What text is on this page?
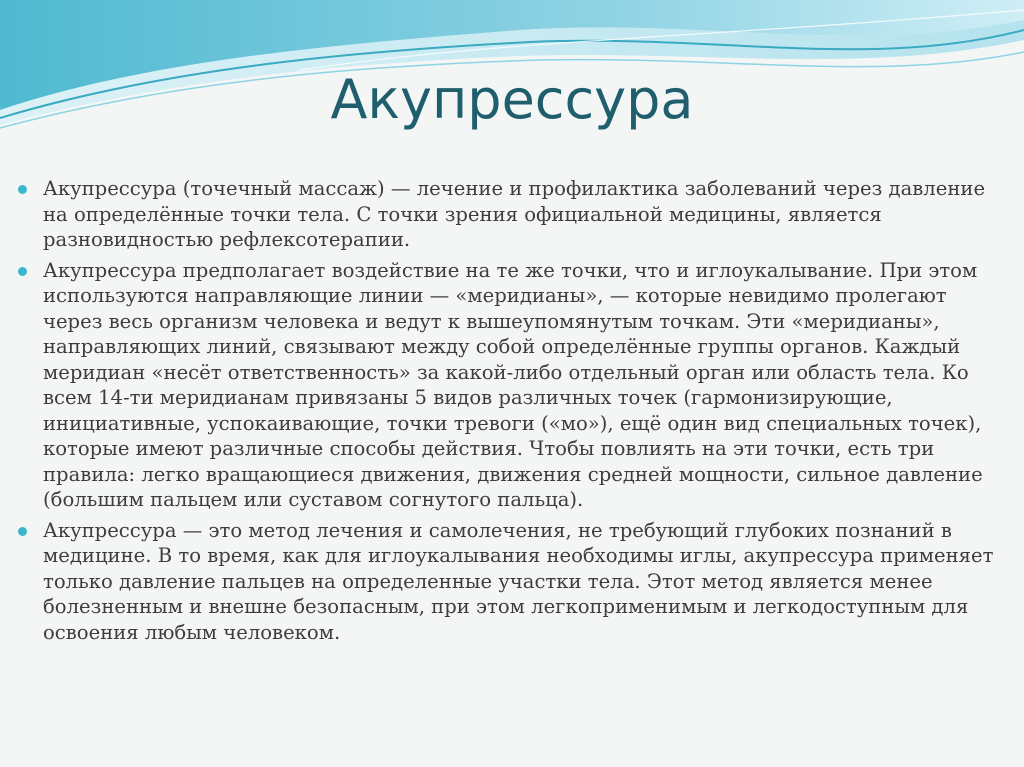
Акупрессура
Акупрессура (точечный массаж) — лечение и профилактика заболеваний через давление на определённые точки тела. С точки зрения официальной медицины, является разновидностью рефлексотерапии.
Акупрессура предполагает воздействие на те же точки, что и иглоукалывание. При этом используются направляющие линии — «меридианы», — которые невидимо пролегают через весь организм человека и ведут к вышеупомянутым точкам. Эти «меридианы», направляющих линий, связывают между собой определённые группы органов. Каждый меридиан «несёт ответственность» за какой-либо отдельный орган или область тела. Ко всем 14-ти меридианам привязаны 5 видов различных точек (гармонизирующие, инициативные, успокаивающие, точки тревоги («мо»), ещё один вид специальных точек), которые имеют различные способы действия. Чтобы повлиять на эти точки, есть три правила: легко вращающиеся движения, движения средней мощности, сильное давление (большим пальцем или суставом согнутого пальца).
Акупрессура — это метод лечения и самолечения, не требующий глубоких познаний в медицине. В то время, как для иглоукалывания необходимы иглы, акупрессура применяет только давление пальцев на определенные участки тела. Этот метод является менее болезненным и внешне безопасным, при этом легкоприменимым и легкодоступным для освоения любым человеком.
